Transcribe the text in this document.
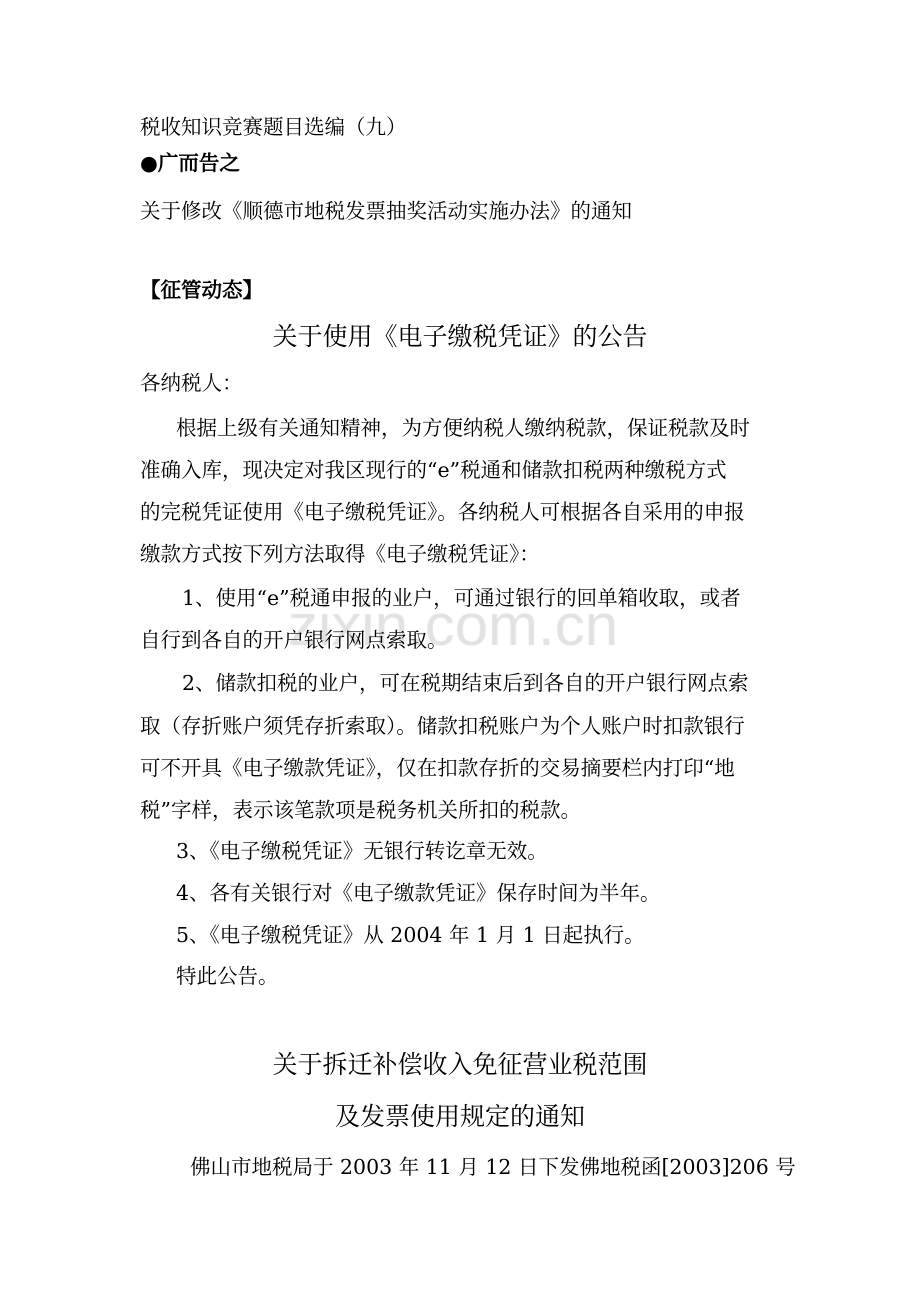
税收知识竞赛题目选编（九）
●广而告之
关于修改《顺德市地税发票抽奖活动实施办法》的通知
【征管动态】
关于使用《电子缴税凭证》的公告
各纳税人：
根据上级有关通知精神，为方便纳税人缴纳税款，保证税款及时
准确入库，现决定对我区现行的“e”税通和储款扣税两种缴税方式
的完税凭证使用《电子缴税凭证》。各纳税人可根据各自采用的申报
缴款方式按下列方法取得《电子缴税凭证》：
1、使用“e”税通申报的业户，可通过银行的回单箱收取，或者
自行到各自的开户银行网点索取。
2、储款扣税的业户，可在税期结束后到各自的开户银行网点索
取（存折账户须凭存折索取）。储款扣税账户为个人账户时扣款银行
可不开具《电子缴款凭证》，仅在扣款存折的交易摘要栏内打印“地
税”字样，表示该笔款项是税务机关所扣的税款。
3、《电子缴税凭证》无银行转讫章无效。
4、各有关银行对《电子缴款凭证》保存时间为半年。
5、《电子缴税凭证》从 2004 年 1 月 1 日起执行。
特此公告。
关于拆迁补偿收入免征营业税范围
及发票使用规定的通知
佛山市地税局于 2003 年 11 月 12 日下发佛地税函[2003]206 号
